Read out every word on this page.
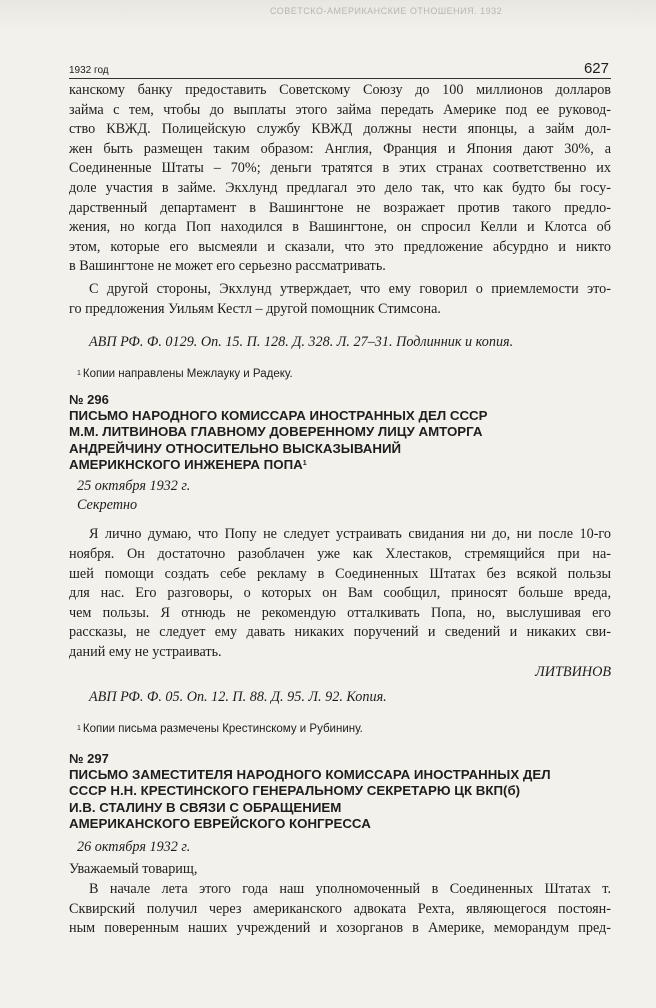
СОВЕТСКО-АМЕРИКАНСКИЕ ОТНОШЕНИЯ. 1932
1932 год	627
канскому банку предоставить Советскому Союзу до 100 миллионов долларов
займа с тем, чтобы до выплаты этого займа передать Америке под ее руковод-
ство КВЖД. Полицейскую службу КВЖД должны нести японцы, а займ дол-
жен быть размещен таким образом: Англия, Франция и Япония дают 30%, а
Соединенные Штаты – 70%; деньги тратятся в этих странах соответственно их
доле участия в займе. Экхлунд предлагал это дело так, что как будто бы госу-
дарственный департамент в Вашингтоне не возражает против такого предло-
жения, но когда Поп находился в Вашингтоне, он спросил Келли и Клотса об
этом, которые его высмеяли и сказали, что это предложение абсурдно и никто
в Вашингтоне не может его серьезно рассматривать.
С другой стороны, Экхлунд утверждает, что ему говорил о приемлемости это-
го предложения Уильям Кестл – другой помощник Стимсона.

АВП РФ. Ф. 0129. Оп. 15. П. 128. Д. 328. Л. 27–31. Подлинник и копия.

$^1$ Копии направлены Межлауку и Радеку.

№ 296

ПИСЬМО НАРОДНОГО КОМИССАРА ИНОСТРАННЫХ ДЕЛ СССР
М.М. ЛИТВИНОВА ГЛАВНОМУ ДОВЕРЕННОМУ ЛИЦУ АМТОРГА
АНДРЕЙЧИНУ ОТНОСИТЕЛЬНО ВЫСКАЗЫВАНИЙ
АМЕРИКНСКОГО ИНЖЕНЕРА ПОПА$^1$

25 октября 1932 г.

Секретно

Я лично думаю, что Попу не следует устраивать свидания ни до, ни после 10-го
ноября. Он достаточно разоблачен уже как Хлестаков, стремящийся при на-
шей помощи создать себе рекламу в Соединенных Штатах без всякой пользы
для нас. Его разговоры, о которых он Вам сообщил, приносят больше вреда,
чем пользы. Я отнюдь не рекомендую отталкивать Попа, но, выслушивая его
рассказы, не следует ему давать никаких поручений и сведений и никаких сви-
даний ему не устраивать.

ЛИТВИНОВ

АВП РФ. Ф. 05. Оп. 12. П. 88. Д. 95. Л. 92. Копия.

$^1$ Копии письма размечены Крестинскому и Рубинину.

№ 297

ПИСЬМО ЗАМЕСТИТЕЛЯ НАРОДНОГО КОМИССАРА ИНОСТРАННЫХ ДЕЛ
СССР Н.Н. КРЕСТИНСКОГО ГЕНЕРАЛЬНОМУ СЕКРЕТАРЮ ЦК ВКП(б)
И.В. СТАЛИНУ В СВЯЗИ С ОБРАЩЕНИЕМ
АМЕРИКАНСКОГО ЕВРЕЙСКОГО КОНГРЕССА

26 октября 1932 г.

Уважаемый товарищ,

В начале лета этого года наш уполномоченный в Соединенных Штатах т.
Сквирский получил через американского адвоката Рехта, являющегося постоян-
ным поверенным наших учреждений и хозорганов в Америке, меморандум пред-
